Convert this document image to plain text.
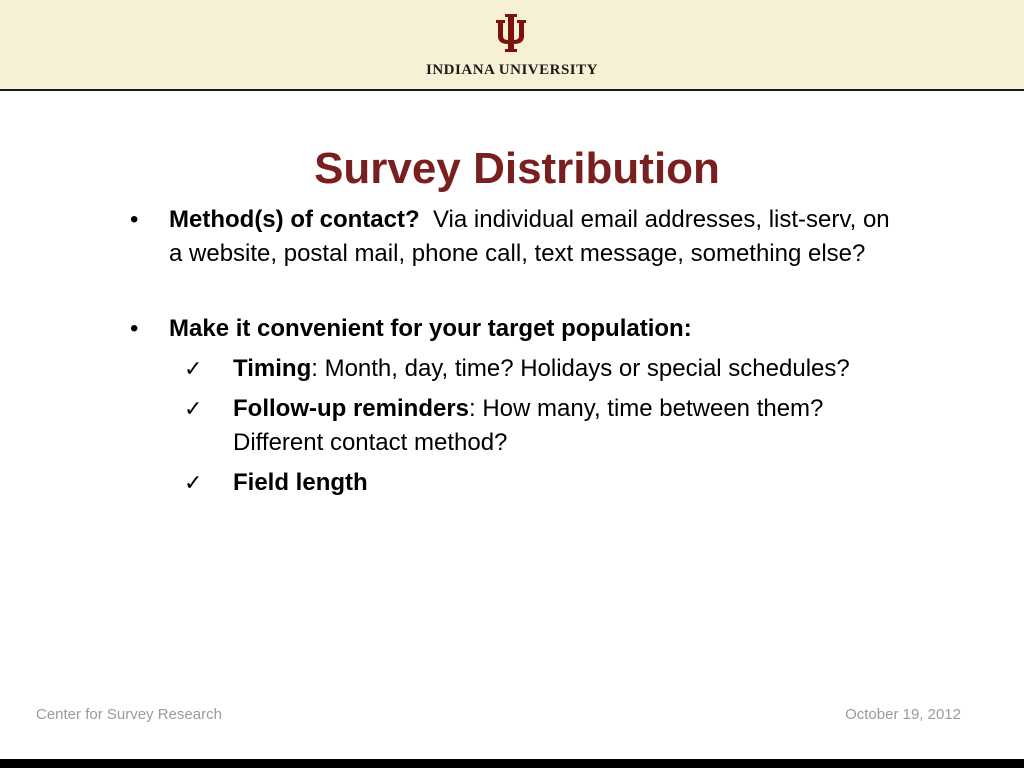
INDIANA UNIVERSITY
Survey Distribution

•	Method(s) of contact?  Via individual email addresses, list-serv, on a website, postal mail, phone call, text message, something else?

•	Make it convenient for your target population:

✓ Timing: Month, day, time? Holidays or special schedules?

✓ Follow-up reminders: How many, time between them? Different contact method?

✓ Field length

Center for Survey Research	October 19, 2012
